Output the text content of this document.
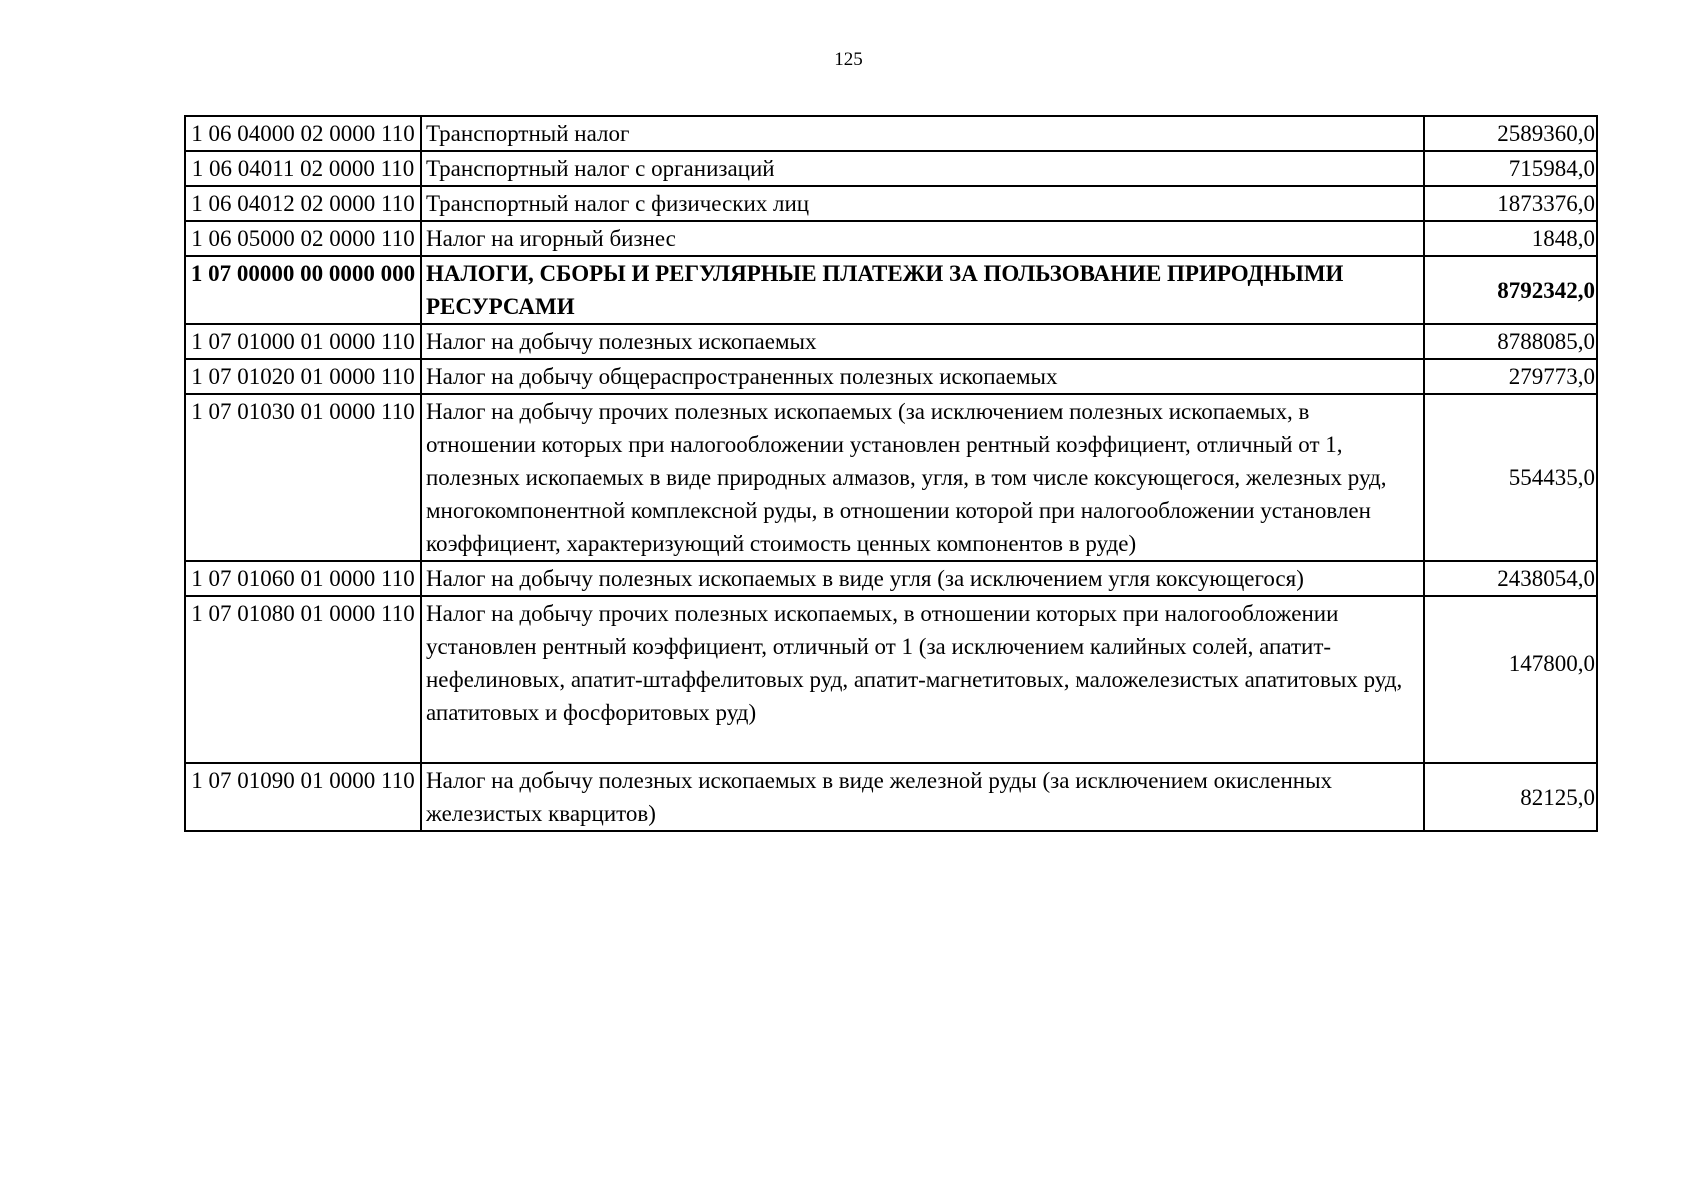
125
1 06 04000 02 0000 110	Транспортный налог	2589360,0
1 06 04011 02 0000 110	Транспортный налог с организаций	715984,0
1 06 04012 02 0000 110	Транспортный налог с физических лиц	1873376,0
1 06 05000 02 0000 110	Налог на игорный бизнес	1848,0
1 07 00000 00 0000 000	НАЛОГИ, СБОРЫ И РЕГУЛЯРНЫЕ ПЛАТЕЖИ ЗА ПОЛЬЗОВАНИЕ ПРИРОДНЫМИ РЕСУРСАМИ	8792342,0
1 07 01000 01 0000 110	Налог на добычу полезных ископаемых	8788085,0
1 07 01020 01 0000 110	Налог на добычу общераспространенных полезных ископаемых	279773,0
1 07 01030 01 0000 110	Налог на добычу прочих полезных ископаемых (за исключением полезных ископаемых, в отношении которых при налогообложении установлен рентный коэффициент, отличный от 1, полезных ископаемых в виде природных алмазов, угля, в том числе коксующегося, железных руд, многокомпонентной комплексной руды, в отношении которой при налогообложении установлен коэффициент, характеризующий стоимость ценных компонентов в руде)	554435,0
1 07 01060 01 0000 110	Налог на добычу полезных ископаемых в виде угля (за исключением угля коксующегося)	2438054,0
1 07 01080 01 0000 110	Налог на добычу прочих полезных ископаемых, в отношении которых при налогообложении установлен рентный коэффициент, отличный от 1 (за исключением калийных солей, апатит-нефелиновых, апатит-штаффелитовых руд, апатит-магнетитовых, маложелезистых апатитовых руд, апатитовых и фосфоритовых руд)	147800,0
1 07 01090 01 0000 110	Налог на добычу полезных ископаемых в виде железной руды (за исключением окисленных железистых кварцитов)	82125,0
